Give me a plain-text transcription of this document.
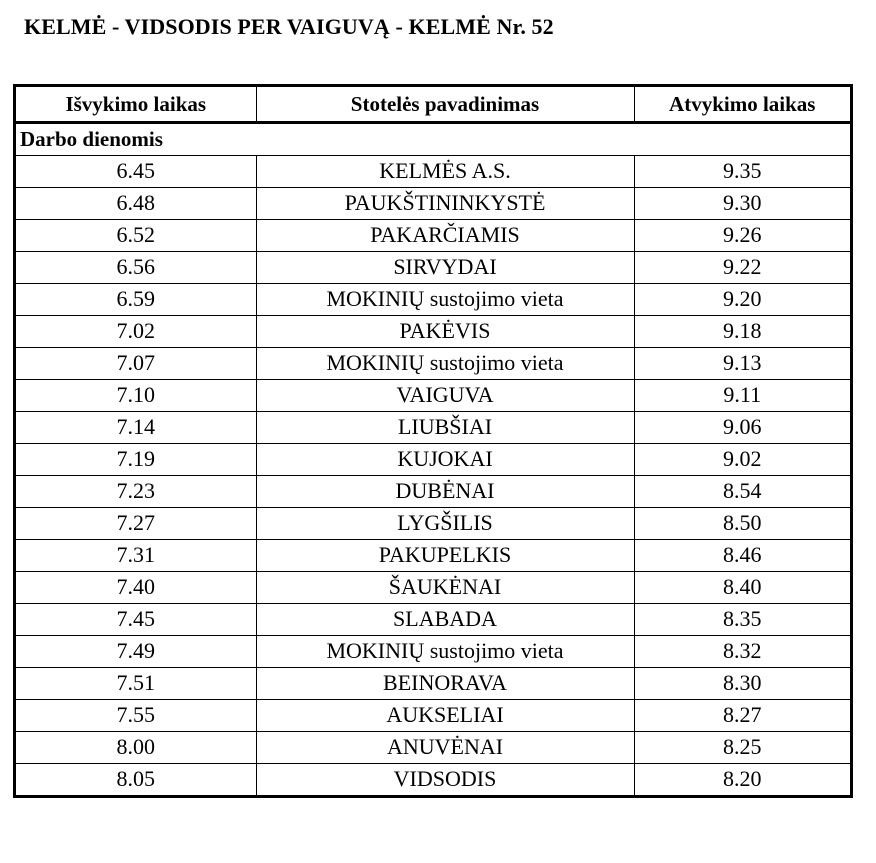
KELMĖ - VIDSODIS PER VAIGUVĄ - KELMĖ Nr. 52
Išvykimo laikas	Stotelės pavadinimas	Atvykimo laikas
Darbo dienomis		
6.45	KELMĖS A.S.	9.35
6.48	PAUKŠTININKYSTĖ	9.30
6.52	PAKARČIAMIS	9.26
6.56	SIRVYDAI	9.22
6.59	MOKINIŲ sustojimo vieta	9.20
7.02	PAKĖVIS	9.18
7.07	MOKINIŲ sustojimo vieta	9.13
7.10	VAIGUVA	9.11
7.14	LIUBŠIAI	9.06
7.19	KUJOKAI	9.02
7.23	DUBĖNAI	8.54
7.27	LYGŠILIS	8.50
7.31	PAKUPELKIS	8.46
7.40	ŠAUKĖNAI	8.40
7.45	SLABADA	8.35
7.49	MOKINIŲ sustojimo vieta	8.32
7.51	BEINORAVA	8.30
7.55	AUKSELIAI	8.27
8.00	ANUVĖNAI	8.25
8.05	VIDSODIS	8.20
